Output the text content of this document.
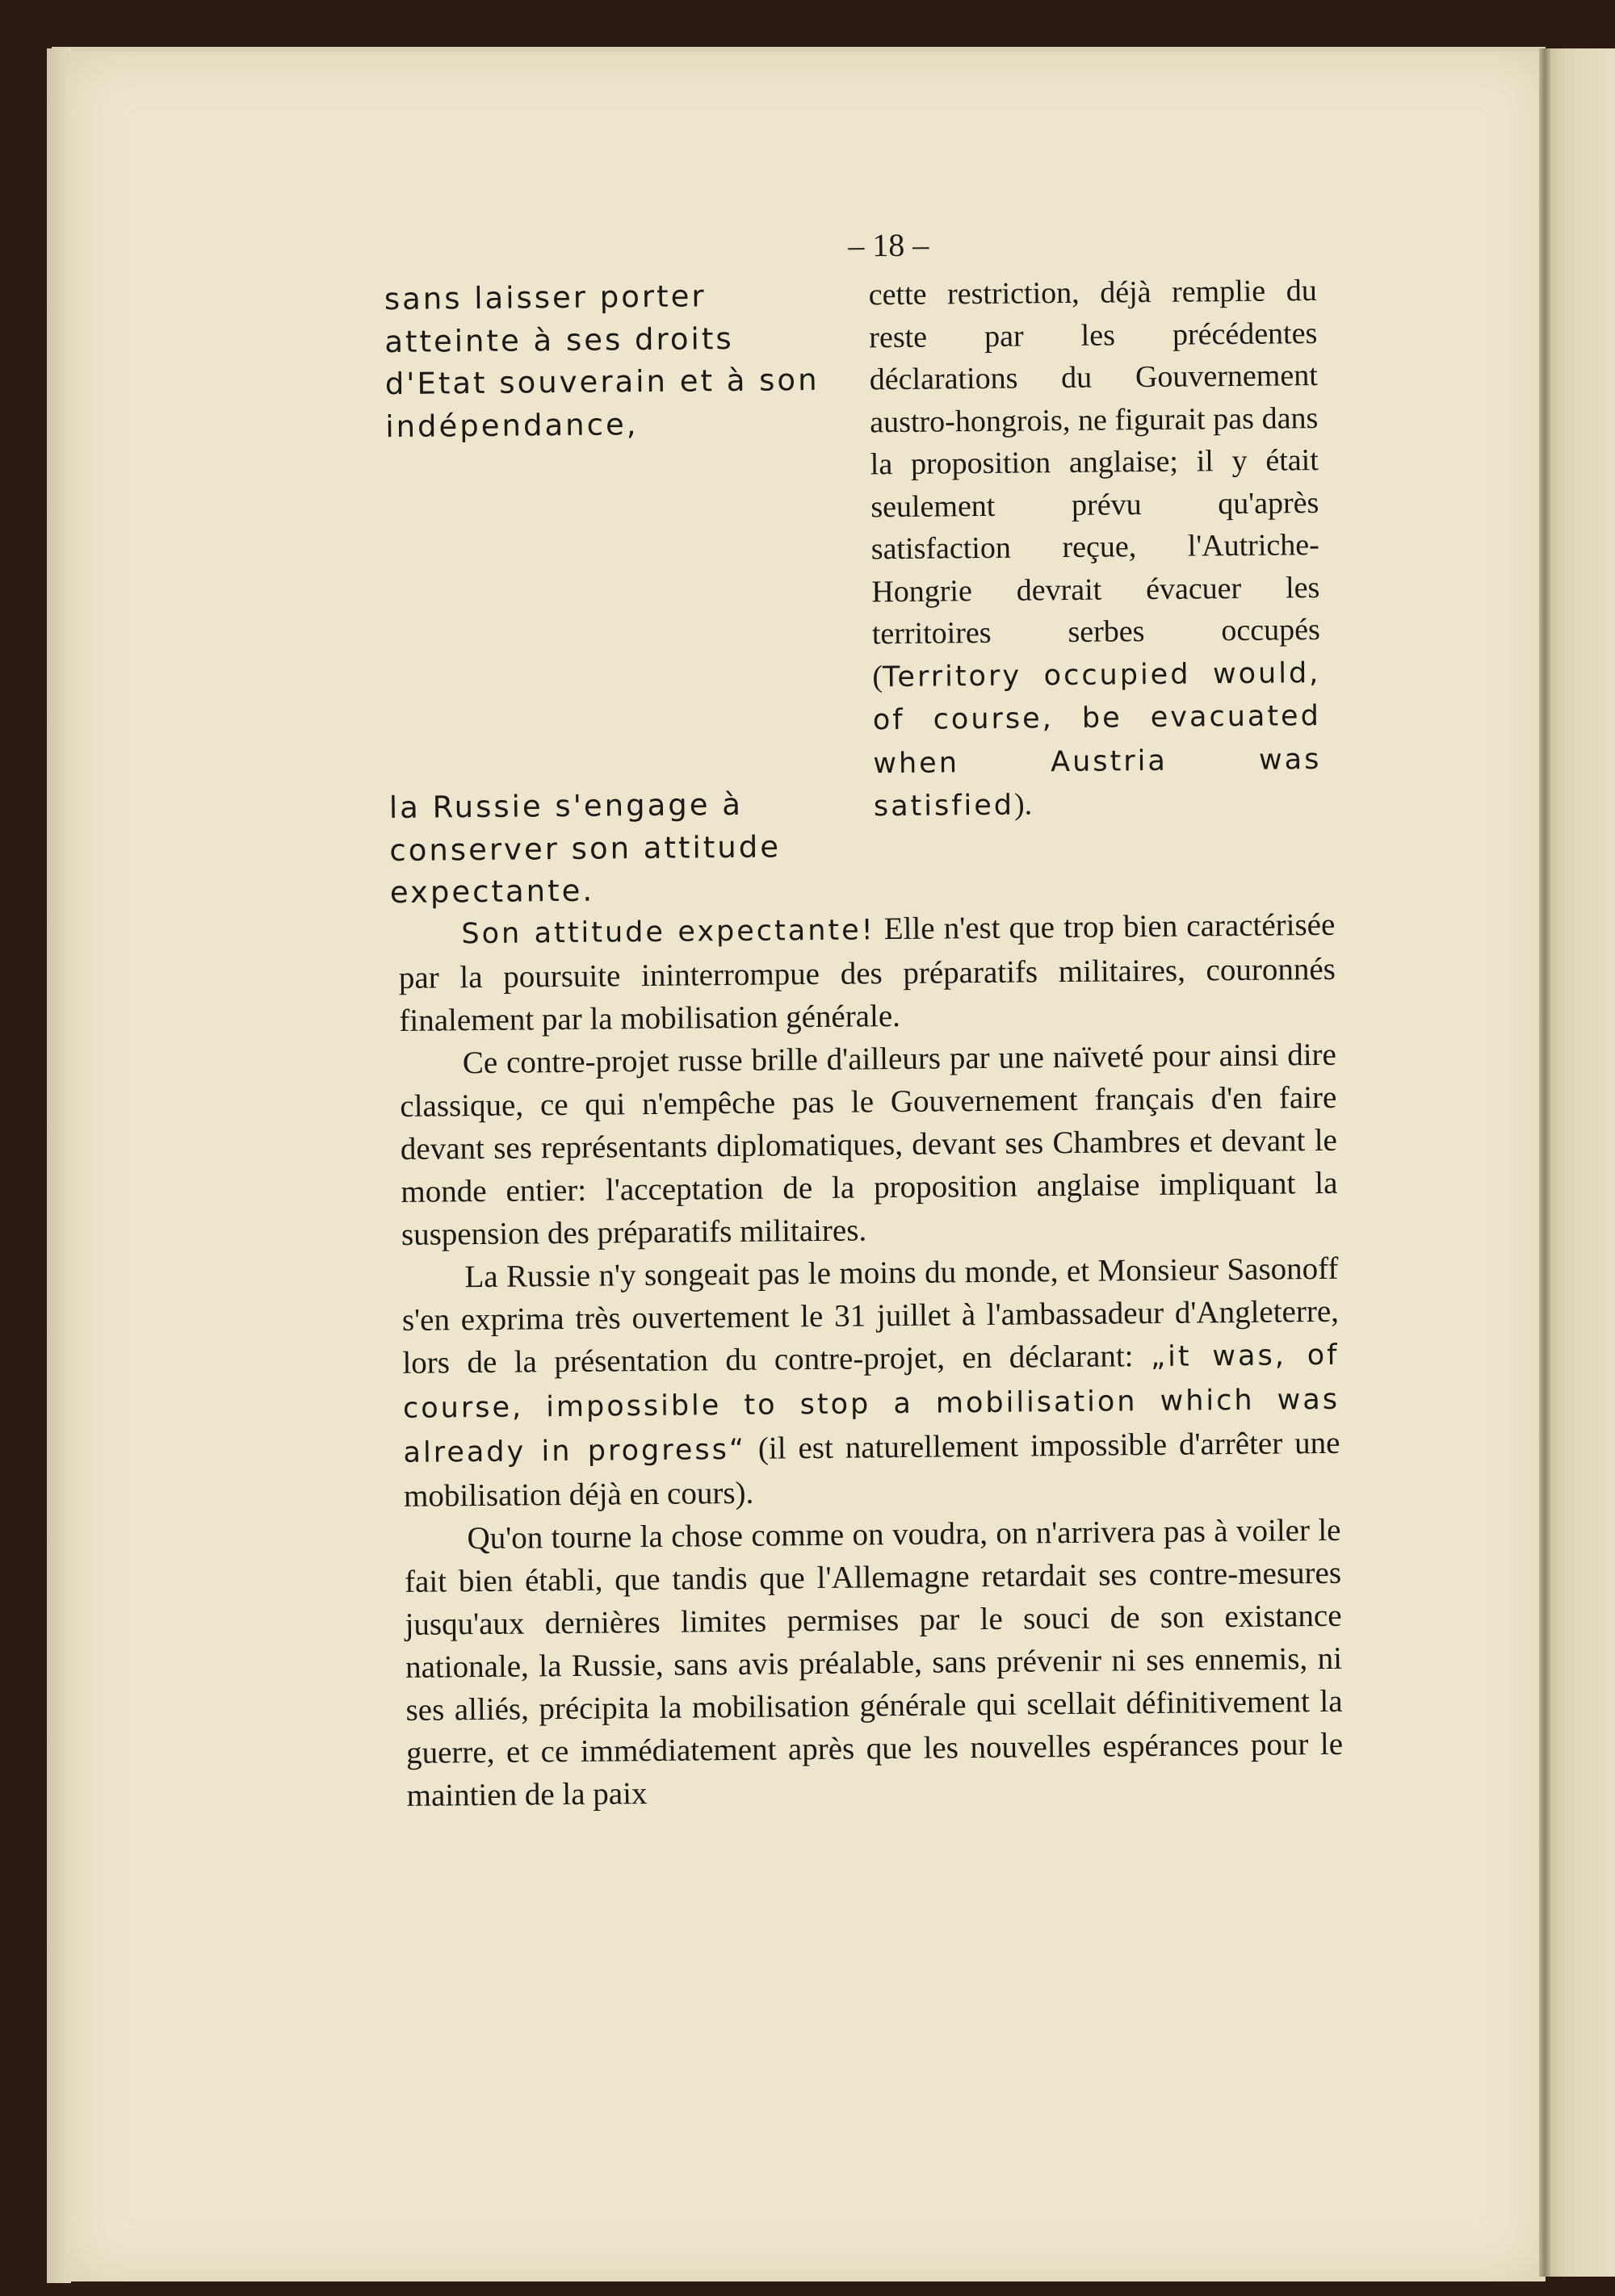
– 18 –

sans laisser porter atteinte à ses droits d'Etat souverain et à son indépendance,

la Russie s'engage à conserver son attitude expectante.

cette restriction, déjà remplie du reste par les précédentes déclarations du Gouvernement austro-hongrois, ne figurait pas dans la proposition anglaise; il y était seulement prévu qu'après satisfaction reçue, l'Autriche-Hongrie devrait évacuer les territoires serbes occupés (Territory occupied would, of course, be evacuated when Austria was satisfied).

Son attitude expectante! Elle n'est que trop bien caractérisée par la poursuite ininterrompue des préparatifs militaires, couronnés finalement par la mobilisation générale.

Ce contre-projet russe brille d'ailleurs par une naïveté pour ainsi dire classique, ce qui n'empêche pas le Gouvernement français d'en faire devant ses représentants diplomatiques, devant ses Chambres et devant le monde entier: l'acceptation de la proposition anglaise impliquant la suspension des préparatifs militaires.

La Russie n'y songeait pas le moins du monde, et Monsieur Sasonoff s'en exprima très ouvertement le 31 juillet à l'ambassadeur d'Angleterre, lors de la présentation du contre-projet, en déclarant: „it was, of course, impossible to stop a mobilisation which was already in progress“ (il est naturellement impossible d'arrêter une mobilisation déjà en cours).

Qu'on tourne la chose comme on voudra, on n'arrivera pas à voiler le fait bien établi, que tandis que l'Allemagne retardait ses contre-mesures jusqu'aux dernières limites permises par le souci de son existance nationale, la Russie, sans avis préalable, sans prévenir ni ses ennemis, ni ses alliés, précipita la mobilisation générale qui scellait définitivement la guerre, et ce immédiatement après que les nouvelles espérances pour le maintien de la paix
